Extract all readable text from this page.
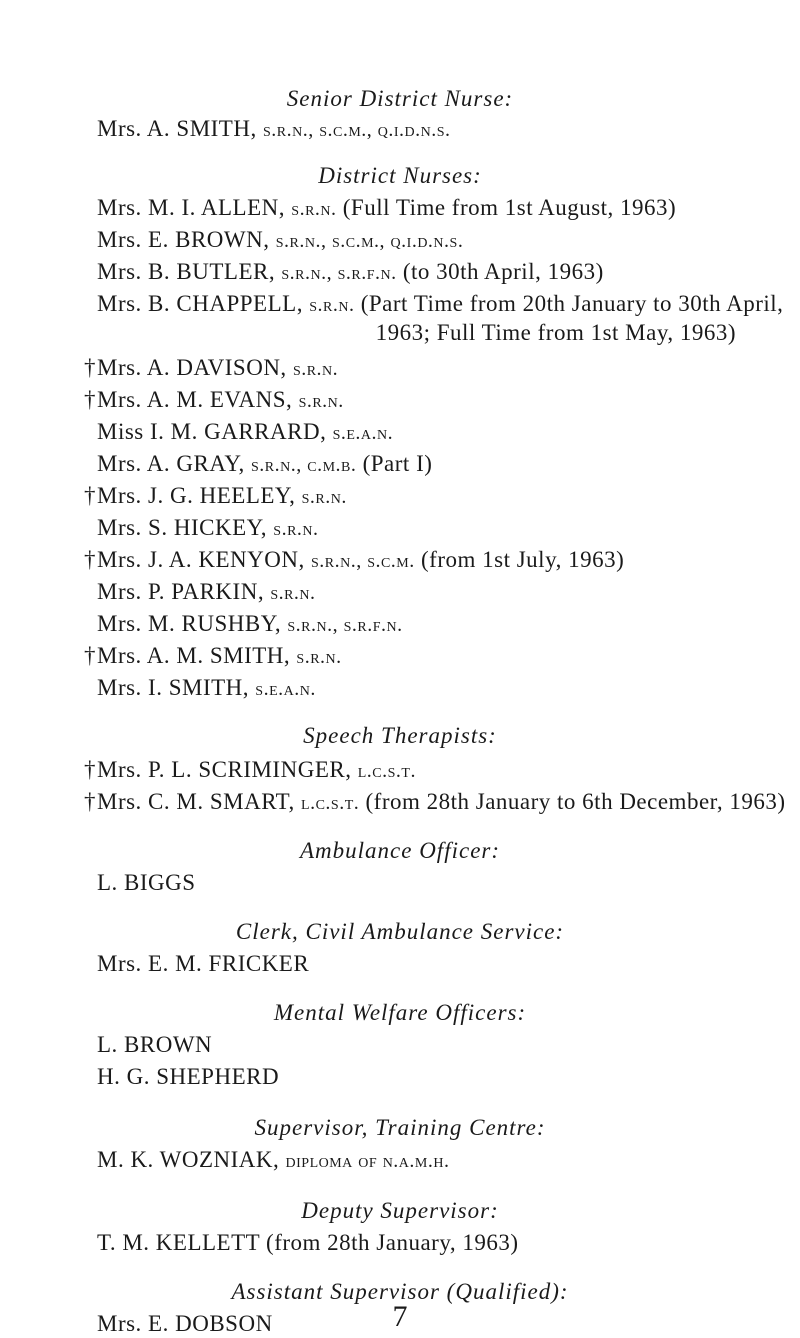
Senior District Nurse:
Mrs. A. SMITH, s.r.n., s.c.m., q.i.d.n.s.
District Nurses:
Mrs. M. I. ALLEN, s.r.n. (Full Time from 1st August, 1963)
Mrs. E. BROWN, s.r.n., s.c.m., q.i.d.n.s.
Mrs. B. BUTLER, s.r.n., s.r.f.n. (to 30th April, 1963)
Mrs. B. CHAPPELL, s.r.n. (Part Time from 20th January to 30th April,
1963; Full Time from 1st May, 1963)
† Mrs. A. DAVISON, s.r.n.
† Mrs. A. M. EVANS, s.r.n.
Miss I. M. GARRARD, s.e.a.n.
Mrs. A. GRAY, s.r.n., c.m.b. (Part I)
† Mrs. J. G. HEELEY, s.r.n.
Mrs. S. HICKEY, s.r.n.
† Mrs. J. A. KENYON, s.r.n., s.c.m. (from 1st July, 1963)
Mrs. P. PARKIN, s.r.n.
Mrs. M. RUSHBY, s.r.n., s.r.f.n.
† Mrs. A. M. SMITH, s.r.n.
Mrs. I. SMITH, s.e.a.n.
Speech Therapists:
† Mrs. P. L. SCRIMINGER, l.c.s.t.
† Mrs. C. M. SMART, l.c.s.t. (from 28th January to 6th December, 1963)
Ambulance Officer:
L. BIGGS
Clerk, Civil Ambulance Service:
Mrs. E. M. FRICKER
Mental Welfare Officers:
L. BROWN
H. G. SHEPHERD
Supervisor, Training Centre:
M. K. WOZNIAK, diploma of n.a.m.h.
Deputy Supervisor:
T. M. KELLETT (from 28th January, 1963)
Assistant Supervisor (Qualified):
Mrs. E. DOBSON	7
